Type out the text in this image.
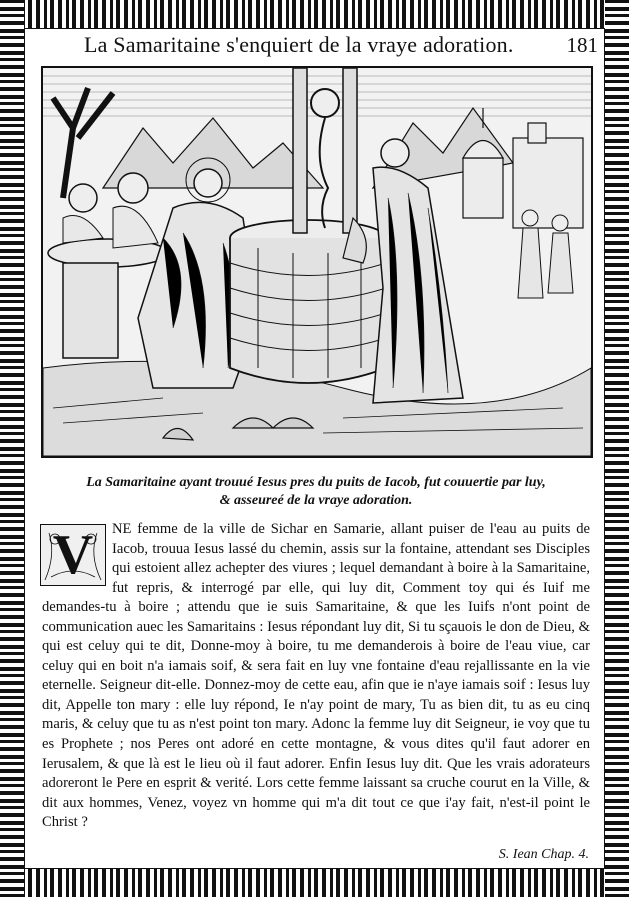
La Samaritaine s'enquiert de la vraye adoration.	181
La Samaritaine ayant trouué Iesus pres du puits de Iacob, fut couuertie par luy,
& asseureé de la vraye adoration.
V	NE femme de la ville de Sichar en Samarie, allant puiser de l'eau au puits de Iacob, trouua Iesus lassé du chemin, assis sur la fontaine, attendant ses Disciples qui estoient allez achepter des viures ; lequel demandant à boire à la Samaritaine, fut repris, & interrogé par elle, qui luy dit, Comment toy qui és Iuif me demandes-tu à boire ; attendu que ie suis Samaritaine, & que les Iuifs n'ont point de communication auec les Samaritains : Iesus répondant luy dit, Si tu sçauois le don de Dieu, & qui est celuy qui te dit, Donne-moy à boire, tu me demanderois à boire de l'eau viue, car celuy qui en boit n'a iamais soif, & sera fait en luy vne fontaine d'eau rejallissante en la vie eternelle. Seigneur dit-elle. Donnez-moy de cette eau, afin que ie n'aye iamais soif : Iesus luy dit, Appelle ton mary : elle luy répond, Ie n'ay point de mary, Tu as bien dit, tu as eu cinq maris, & celuy que tu as n'est point ton mary. Adonc la femme luy dit Seigneur, ie voy que tu es Prophete ; nos Peres ont adoré en cette montagne, & vous dites qu'il faut adorer en Ierusalem, & que là est le lieu où il faut adorer. Enfin Iesus luy dit. Que les vrais adorateurs adoreront le Pere en esprit & verité. Lors cette femme laissant sa cruche courut en la Ville, & dit aux hommes, Venez, voyez vn homme qui m'a dit tout ce que i'ay fait, n'est-il point le Christ ?

S. Iean Chap. 4.
